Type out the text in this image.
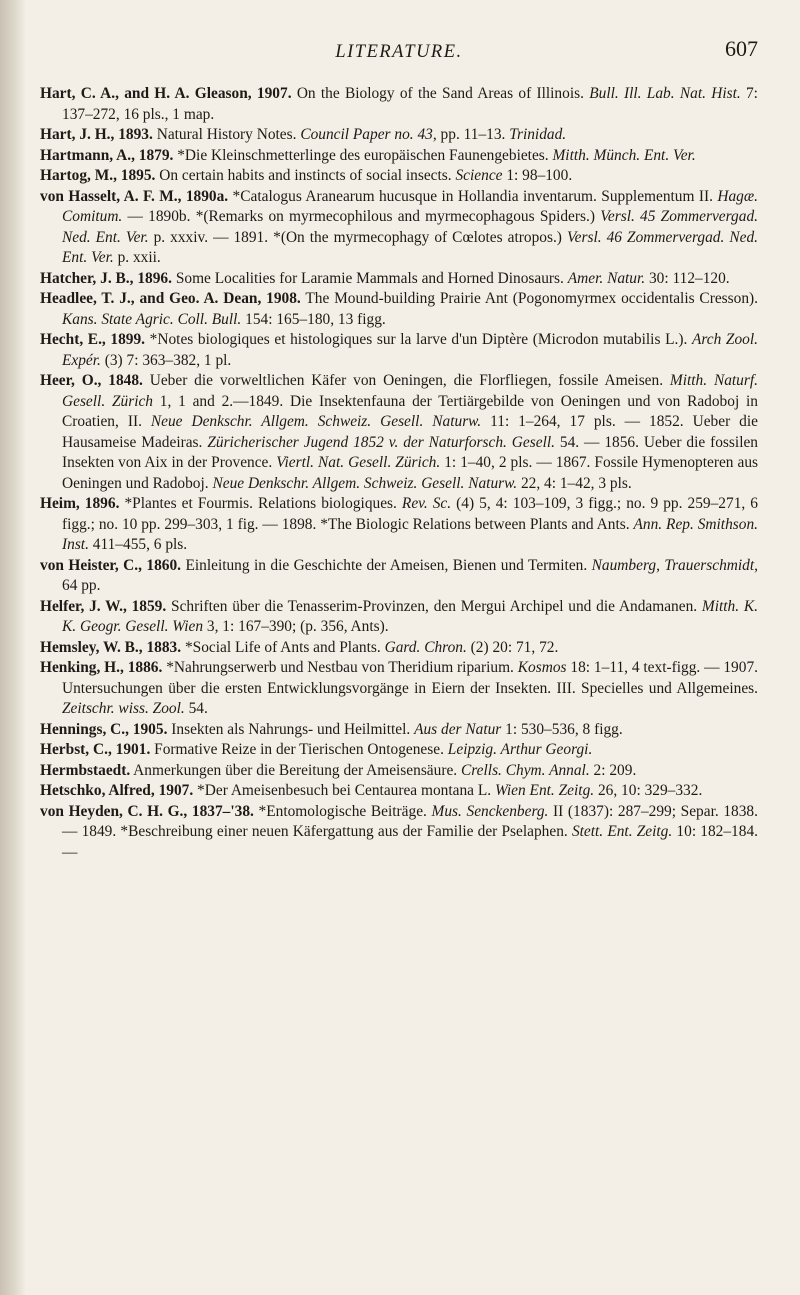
LITERATURE.	607
Hart, C. A., and H. A. Gleason, 1907. On the Biology of the Sand Areas of Illinois. Bull. Ill. Lab. Nat. Hist. 7: 137–272, 16 pls., 1 map.
Hart, J. H., 1893. Natural History Notes. Council Paper no. 43, pp. 11–13. Trinidad.
Hartmann, A., 1879. *Die Kleinschmetterlinge des europäischen Faunengebietes. Mitth. Münch. Ent. Ver.
Hartog, M., 1895. On certain habits and instincts of social insects. Science 1: 98–100.
von Hasselt, A. F. M., 1890a. *Catalogus Aranearum hucusque in Hollandia inventarum. Supplementum II. Hagæ. Comitum. — 1890b. *(Remarks on myrmecophilous and myrmecophagous Spiders.) Versl. 45 Zommervergad. Ned. Ent. Ver. p. xxxiv. — 1891. *(On the myrmecophagy of Cœlotes atropos.) Versl. 46 Zommervergad. Ned. Ent. Ver. p. xxii.
Hatcher, J. B., 1896. Some Localities for Laramie Mammals and Horned Dinosaurs. Amer. Natur. 30: 112–120.
Headlee, T. J., and Geo. A. Dean, 1908. The Mound-building Prairie Ant (Pogonomyrmex occidentalis Cresson). Kans. State Agric. Coll. Bull. 154: 165–180, 13 figg.
Hecht, E., 1899. *Notes biologiques et histologiques sur la larve d'un Diptère (Microdon mutabilis L.). Arch Zool. Expér. (3) 7: 363–382, 1 pl.
Heer, O., 1848. Ueber die vorweltlichen Käfer von Oeningen, die Florfliegen, fossile Ameisen. Mitth. Naturf. Gesell. Zürich 1, 1 and 2.—1849. Die Insektenfauna der Tertiärgebilde von Oeningen und von Radoboj in Croatien, II. Neue Denkschr. Allgem. Schweiz. Gesell. Naturw. 11: 1–264, 17 pls. — 1852. Ueber die Hausameise Madeiras. Züricherischer Jugend 1852 v. der Naturforsch. Gesell. 54. — 1856. Ueber die fossilen Insekten von Aix in der Provence. Viertl. Nat. Gesell. Zürich. 1: 1–40, 2 pls. — 1867. Fossile Hymenopteren aus Oeningen und Radoboj. Neue Denkschr. Allgem. Schweiz. Gesell. Naturw. 22, 4: 1–42, 3 pls.
Heim, 1896. *Plantes et Fourmis. Relations biologiques. Rev. Sc. (4) 5, 4: 103–109, 3 figg.; no. 9 pp. 259–271, 6 figg.; no. 10 pp. 299–303, 1 fig. — 1898. *The Biologic Relations between Plants and Ants. Ann. Rep. Smithson. Inst. 411–455, 6 pls.
von Heister, C., 1860. Einleitung in die Geschichte der Ameisen, Bienen und Termiten. Naumberg, Trauerschmidt, 64 pp.
Helfer, J. W., 1859. Schriften über die Tenasserim-Provinzen, den Mergui Archipel und die Andamanen. Mitth. K. K. Geogr. Gesell. Wien 3, 1: 167–390; (p. 356, Ants).
Hemsley, W. B., 1883. *Social Life of Ants and Plants. Gard. Chron. (2) 20: 71, 72.
Henking, H., 1886. *Nahrungserwerb und Nestbau von Theridium riparium. Kosmos 18: 1–11, 4 text-figg. — 1907. Untersuchungen über die ersten Entwicklungsvorgänge in Eiern der Insekten. III. Specielles und Allgemeines. Zeitschr. wiss. Zool. 54.
Hennings, C., 1905. Insekten als Nahrungs- und Heilmittel. Aus der Natur 1: 530–536, 8 figg.
Herbst, C., 1901. Formative Reize in der Tierischen Ontogenese. Leipzig. Arthur Georgi.
Hermbstaedt. Anmerkungen über die Bereitung der Ameisensäure. Crells. Chym. Annal. 2: 209.
Hetschko, Alfred, 1907. *Der Ameisenbesuch bei Centaurea montana L. Wien Ent. Zeitg. 26, 10: 329–332.
von Heyden, C. H. G., 1837–'38. *Entomologische Beiträge. Mus. Senckenberg. II (1837): 287–299; Separ. 1838. — 1849. *Beschreibung einer neuen Käfergattung aus der Familie der Pselaphen. Stett. Ent. Zeitg. 10: 182–184. —
